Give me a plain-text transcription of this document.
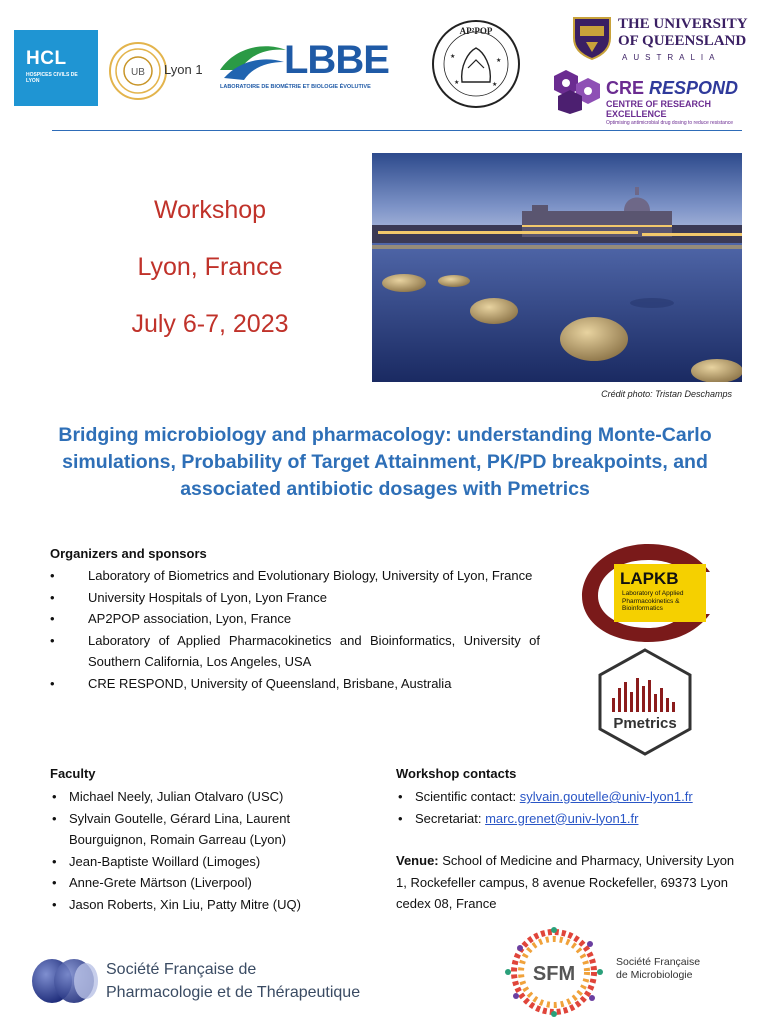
HCL
HOSPICES CIVILS DE LYON
UB Lyon 1 LBBE
LABORATOIRE DE BIOMÉTRIE ET BIOLOGIE ÉVOLUTIVE
★
★
★	★
AP²POP	THE UNIVERSITY
OF QUEENSLAND
AUSTRALIA
CRE RESPOND
CENTRE OF RESEARCH EXCELLENCE
Optimising antimicrobial drug dosing to reduce resistance
Workshop
Lyon, France
July 6-7, 2023
Crédit photo: Tristan Deschamps
Bridging microbiology and pharmacology: understanding Monte-Carlo simulations, Probability of Target Attainment, PK/PD breakpoints, and associated antibiotic dosages with Pmetrics
Organizers and sponsors
• Laboratory of Biometrics and Evolutionary Biology, University of Lyon, France
• University Hospitals of Lyon, Lyon France
• AP2POP association, Lyon, France
• Laboratory of Applied Pharmacokinetics and Bioinformatics, University of Southern California, Los Angeles, USA
• CRE RESPOND, University of Queensland, Brisbane, Australia
LAPKB
Laboratory of Applied Pharmacokinetics & Bioinformatics
Pmetrics
Faculty
• Michael Neely, Julian Otalvaro (USC)
• Sylvain Goutelle, Gérard Lina, Laurent Bourguignon, Romain Garreau (Lyon)
• Jean-Baptiste Woillard (Limoges)
• Anne-Grete Märtson (Liverpool)
• Jason Roberts, Xin Liu, Patty Mitre (UQ)
Workshop contacts
• Scientific contact: sylvain.goutelle@univ-lyon1.fr
• Secretariat: marc.grenet@univ-lyon1.fr
Venue: School of Medicine and Pharmacy, University Lyon 1, Rockefeller campus, 8 avenue Rockefeller, 69373 Lyon cedex 08, France
Société Française de
Pharmacologie et de Thérapeutique
SFM
Société Française
de Microbiologie
